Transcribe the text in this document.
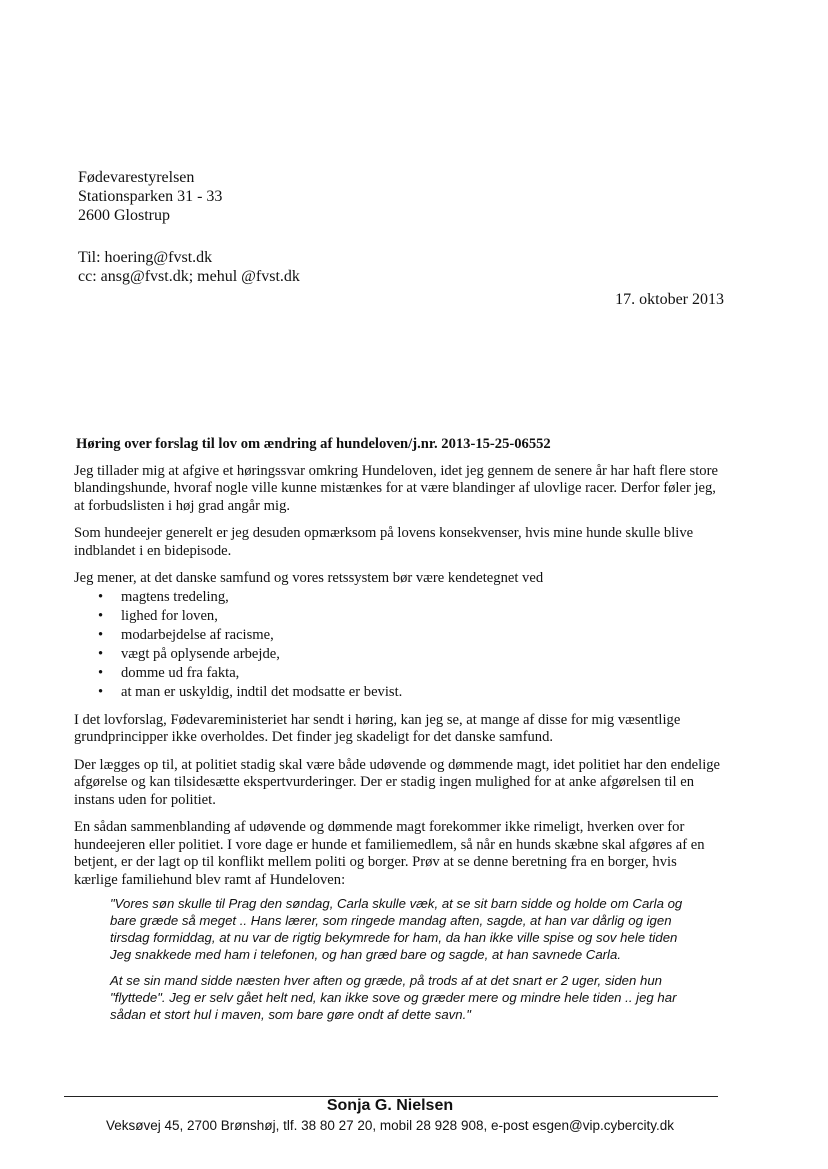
Fødevarestyrelsen
Stationsparken 31 - 33
2600 Glostrup
Til: hoering@fvst.dk
cc: ansg@fvst.dk; mehul @fvst.dk
17. oktober 2013
Høring over forslag til lov om ændring af hundeloven/j.nr. 2013-15-25-06552

Jeg tillader mig at afgive et høringssvar omkring Hundeloven, idet jeg gennem de senere år har haft flere store blandingshunde, hvoraf nogle ville kunne mistænkes for at være blandinger af ulovlige racer. Derfor føler jeg, at forbudslisten i høj grad angår mig.

Som hundeejer generelt er jeg desuden opmærksom på lovens konsekvenser, hvis mine hunde skulle blive indblandet i en bidepisode.

Jeg mener, at det danske samfund og vores retssystem bør være kendetegnet ved

• magtens tredeling,
• lighed for loven,
• modarbejdelse af racisme,
• vægt på oplysende arbejde,
• domme ud fra fakta,
• at man er uskyldig, indtil det modsatte er bevist.

I det lovforslag, Fødevareministeriet har sendt i høring, kan jeg se, at mange af disse for mig væsentlige grundprincipper ikke overholdes. Det finder jeg skadeligt for det danske samfund.

Der lægges op til, at politiet stadig skal være både udøvende og dømmende magt, idet politiet har den endelige afgørelse og kan tilsidesætte ekspertvurderinger. Der er stadig ingen mulighed for at anke afgørelsen til en instans uden for politiet.

En sådan sammenblanding af udøvende og dømmende magt forekommer ikke rimeligt, hverken over for hundeejeren eller politiet. I vore dage er hunde et familiemedlem, så når en hunds skæbne skal afgøres af en betjent, er der lagt op til konflikt mellem politi og borger. Prøv at se denne beretning fra en borger, hvis kærlige familiehund blev ramt af Hundeloven:

"Vores søn skulle til Prag den søndag, Carla skulle væk, at se sit barn sidde og holde om Carla og bare græde så meget .. Hans lærer, som ringede mandag aften, sagde, at han var dårlig og igen tirsdag formiddag, at nu var de rigtig bekymrede for ham, da han ikke ville spise og sov hele tiden Jeg snakkede med ham i telefonen, og han græd bare og sagde, at han savnede Carla.

At se sin mand sidde næsten hver aften og græde, på trods af at det snart er 2 uger, siden hun "flyttede". Jeg er selv gået helt ned, kan ikke sove og græder mere og mindre hele tiden .. jeg har sådan et stort hul i maven, som bare gøre ondt af dette savn."

Sonja G. Nielsen
Veksøvej 45, 2700 Brønshøj, tlf. 38 80 27 20, mobil 28 928 908, e-post esgen@vip.cybercity.dk
